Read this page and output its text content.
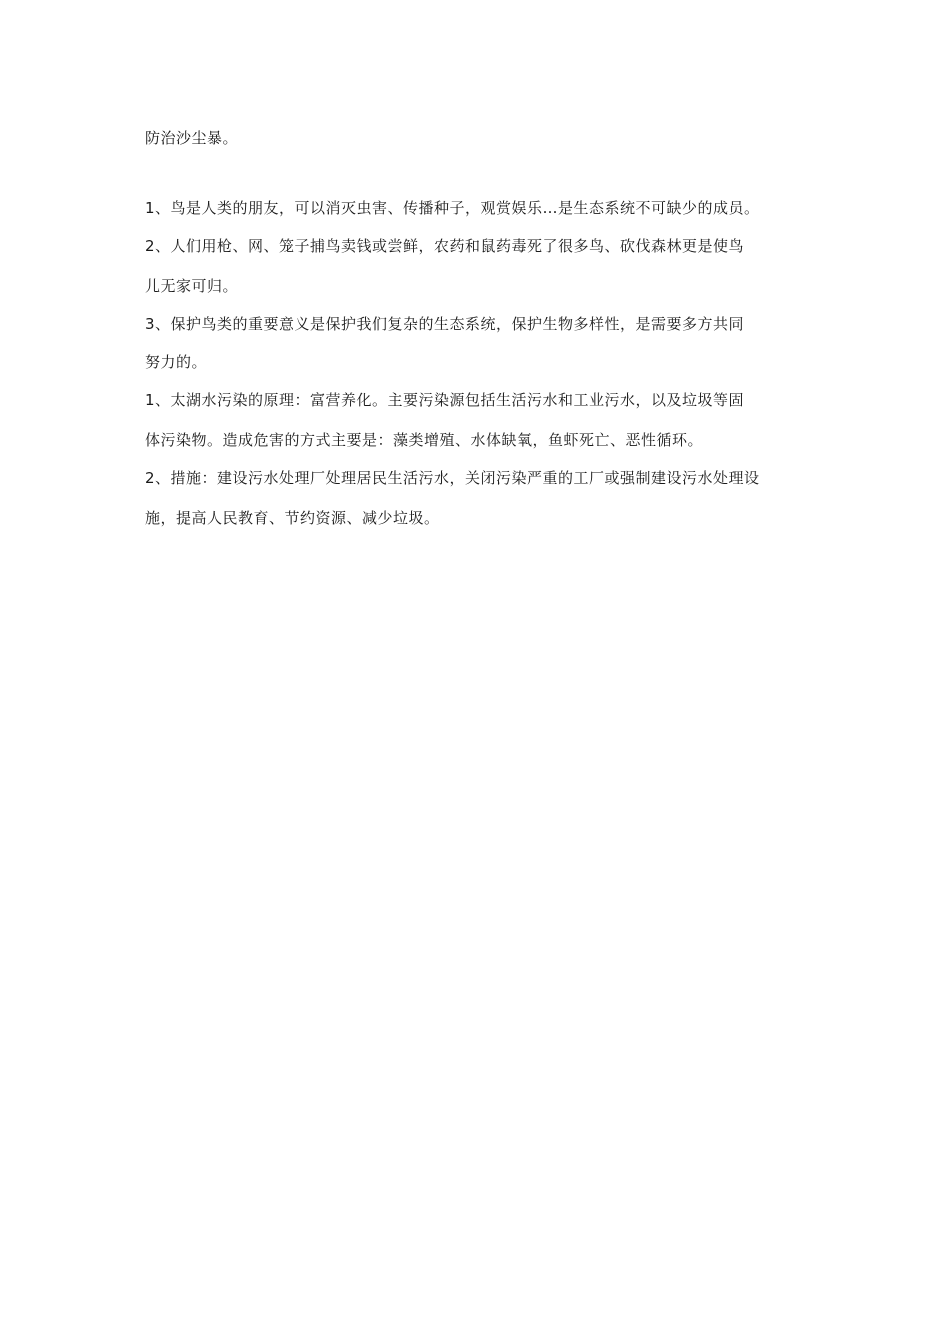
防治沙尘暴。
1、鸟是人类的朋友，可以消灭虫害、传播种子，观赏娱乐…是生态系统不可缺少的成员。
2、人们用枪、网、笼子捕鸟卖钱或尝鲜，农药和鼠药毒死了很多鸟、砍伐森林更是使鸟
儿无家可归。
3、保护鸟类的重要意义是保护我们复杂的生态系统，保护生物多样性，是需要多方共同
努力的。
1、太湖水污染的原理：富营养化。主要污染源包括生活污水和工业污水，以及垃圾等固
体污染物。造成危害的方式主要是：藻类增殖、水体缺氧，鱼虾死亡、恶性循环。
2、措施：建设污水处理厂处理居民生活污水，关闭污染严重的工厂或强制建设污水处理设
施，提高人民教育、节约资源、减少垃圾。
